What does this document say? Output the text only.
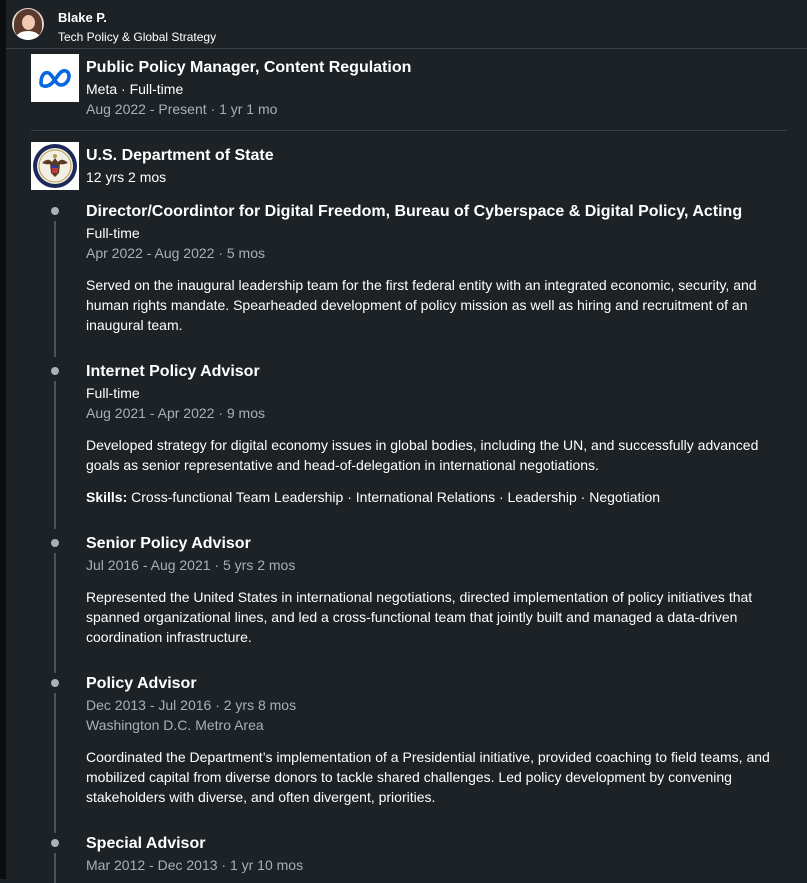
Blake P.
Tech Policy & Global Strategy
Public Policy Manager, Content Regulation
Meta · Full-time
Aug 2022 - Present · 1 yr 1 mo
U.S. Department of State
12 yrs 2 mos
Director/Coordintor for Digital Freedom, Bureau of Cyberspace & Digital Policy, Acting
Full-time
Apr 2022 - Aug 2022 · 5 mos
Served on the inaugural leadership team for the first federal entity with an integrated economic, security, and human rights mandate. Spearheaded development of policy mission as well as hiring and recruitment of an inaugural team.
Internet Policy Advisor
Full-time
Aug 2021 - Apr 2022 · 9 mos
Developed strategy for digital economy issues in global bodies, including the UN, and successfully advanced goals as senior representative and head-of-delegation in international negotiations.
Skills: Cross-functional Team Leadership · International Relations · Leadership · Negotiation
Senior Policy Advisor
Jul 2016 - Aug 2021 · 5 yrs 2 mos
Represented the United States in international negotiations, directed implementation of policy initiatives that spanned organizational lines, and led a cross-functional team that jointly built and managed a data-driven coordination infrastructure.
Policy Advisor
Dec 2013 - Jul 2016 · 2 yrs 8 mos
Washington D.C. Metro Area
Coordinated the Department’s implementation of a Presidential initiative, provided coaching to field teams, and mobilized capital from diverse donors to tackle shared challenges. Led policy development by convening stakeholders with diverse, and often divergent, priorities.
Special Advisor
Mar 2012 - Dec 2013 · 1 yr 10 mos
